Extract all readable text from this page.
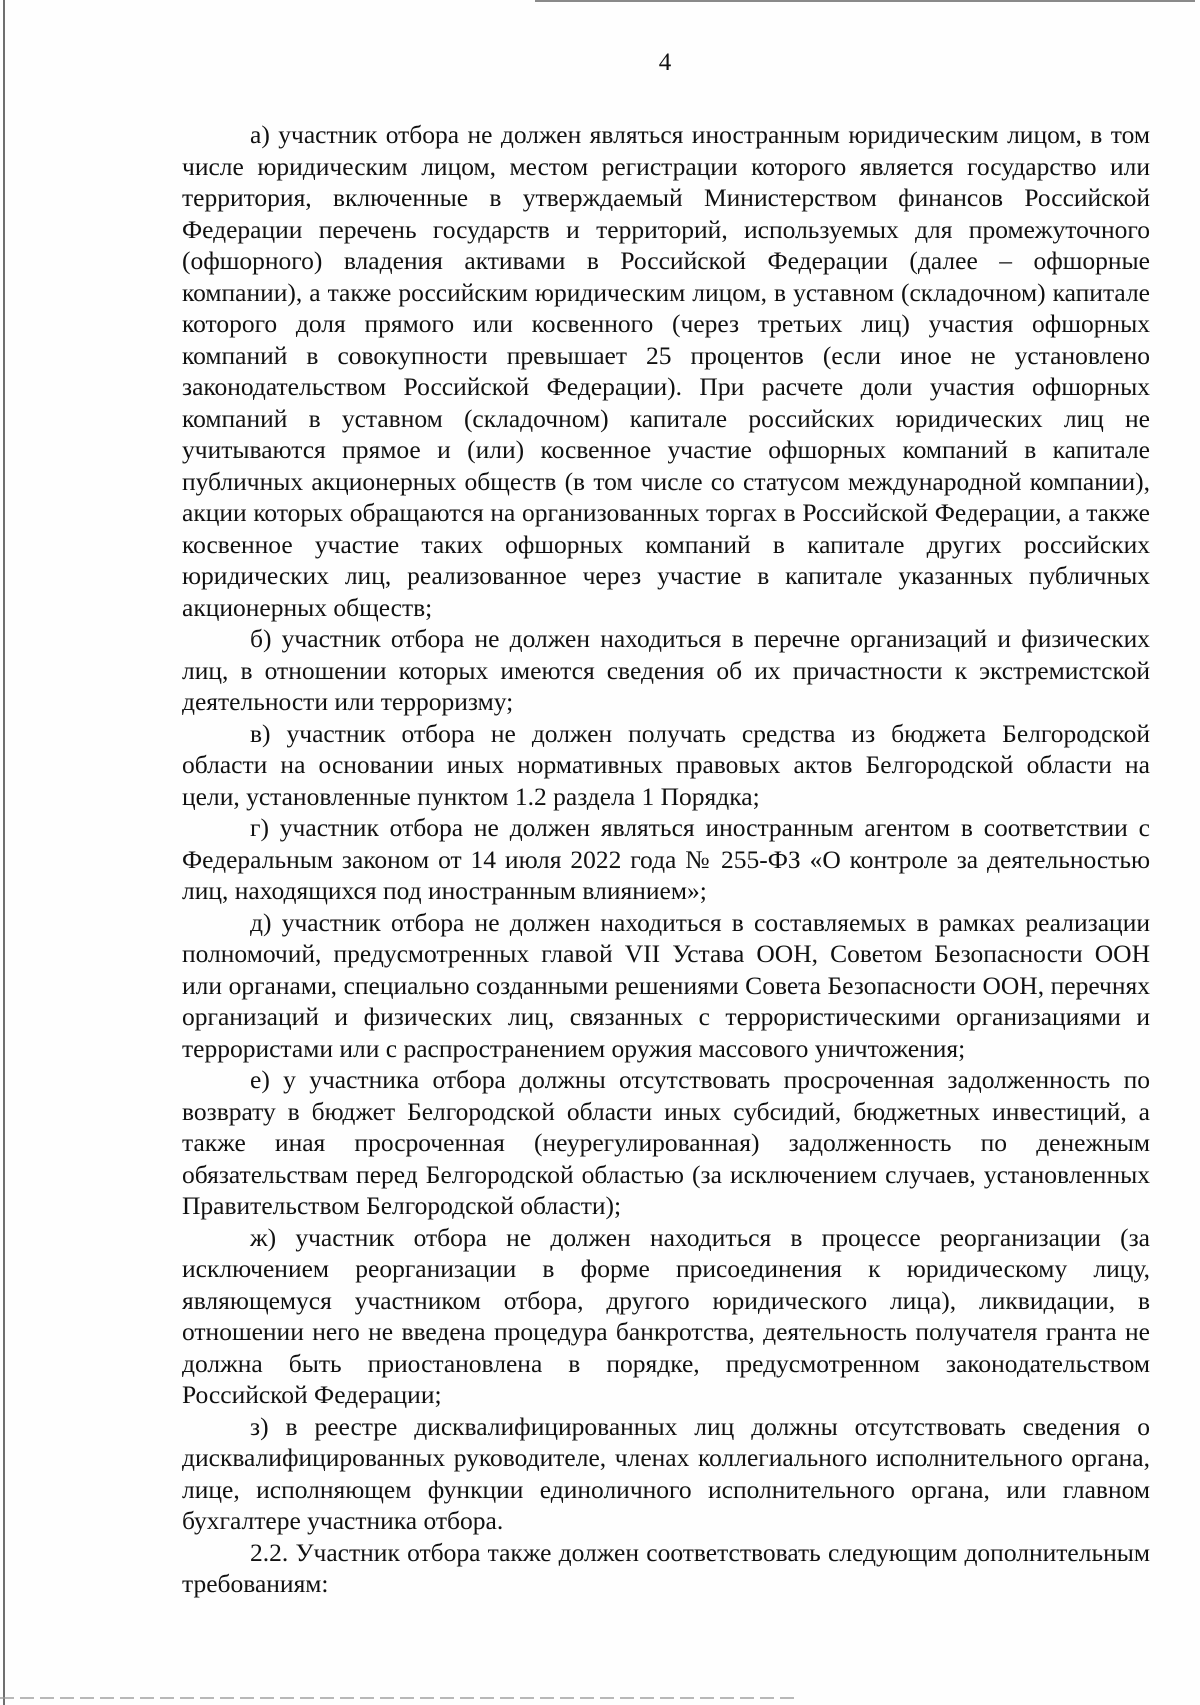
4

а) участник отбора не должен являться иностранным юридическим лицом, в том числе юридическим лицом, местом регистрации которого является государство или территория, включенные в утверждаемый Министерством финансов Российской Федерации перечень государств и территорий, используемых для промежуточного (офшорного) владения активами в Российской Федерации (далее – офшорные компании), а также российским юридическим лицом, в уставном (складочном) капитале которого доля прямого или косвенного (через третьих лиц) участия офшорных компаний в совокупности превышает 25 процентов (если иное не установлено законодательством Российской Федерации). При расчете доли участия офшорных компаний в уставном (складочном) капитале российских юридических лиц не учитываются прямое и (или) косвенное участие офшорных компаний в капитале публичных акционерных обществ (в том числе со статусом международной компании), акции которых обращаются на организованных торгах в Российской Федерации, а также косвенное участие таких офшорных компаний в капитале других российских юридических лиц, реализованное через участие в капитале указанных публичных акционерных обществ;

б) участник отбора не должен находиться в перечне организаций и физических лиц, в отношении которых имеются сведения об их причастности к экстремистской деятельности или терроризму;

в) участник отбора не должен получать средства из бюджета Белгородской области на основании иных нормативных правовых актов Белгородской области на цели, установленные пунктом 1.2 раздела 1 Порядка;

г) участник отбора не должен являться иностранным агентом в соответствии с Федеральным законом от 14 июля 2022 года № 255-ФЗ «О контроле за деятельностью лиц, находящихся под иностранным влиянием»;

д) участник отбора не должен находиться в составляемых в рамках реализации полномочий, предусмотренных главой VII Устава ООН, Советом Безопасности ООН или органами, специально созданными решениями Совета Безопасности ООН, перечнях организаций и физических лиц, связанных с террористическими организациями и террористами или с распространением оружия массового уничтожения;

е) у участника отбора должны отсутствовать просроченная задолженность по возврату в бюджет Белгородской области иных субсидий, бюджетных инвестиций, а также иная просроченная (неурегулированная) задолженность по денежным обязательствам перед Белгородской областью (за исключением случаев, установленных Правительством Белгородской области);

ж) участник отбора не должен находиться в процессе реорганизации (за исключением реорганизации в форме присоединения к юридическому лицу, являющемуся участником отбора, другого юридического лица), ликвидации, в отношении него не введена процедура банкротства, деятельность получателя гранта не должна быть приостановлена в порядке, предусмотренном законодательством Российской Федерации;

з) в реестре дисквалифицированных лиц должны отсутствовать сведения о дисквалифицированных руководителе, членах коллегиального исполнительного органа, лице, исполняющем функции единоличного исполнительного органа, или главном бухгалтере участника отбора.

2.2. Участник отбора также должен соответствовать следующим дополнительным требованиям:
